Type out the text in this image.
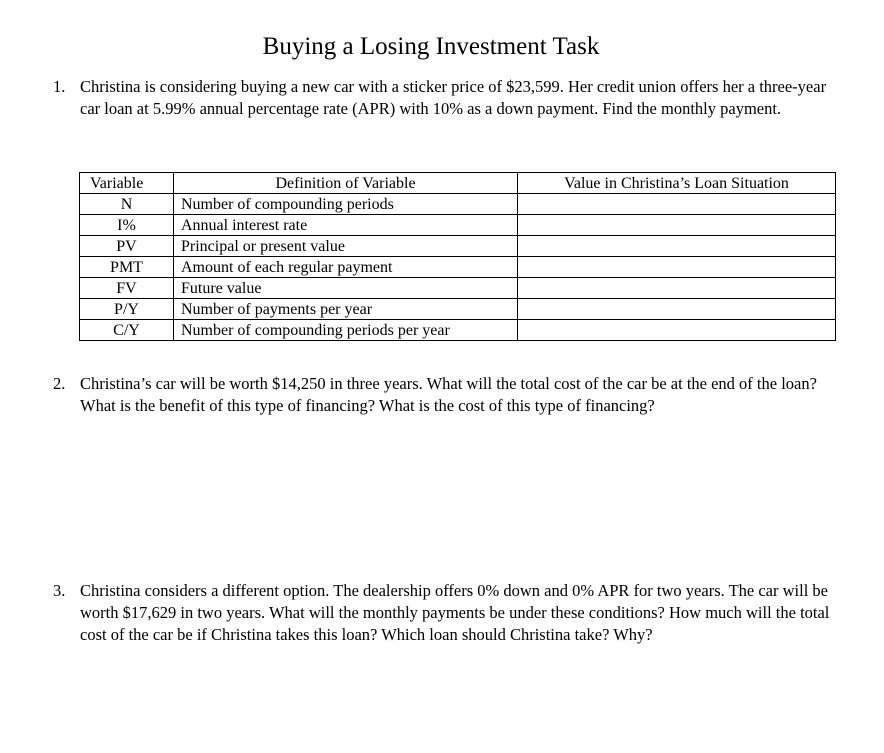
Buying a Losing Investment Task
1. Christina is considering buying a new car with a sticker price of $23,599. Her credit union offers her a three-year car loan at 5.99% annual percentage rate (APR) with 10% as a down payment. Find the monthly payment.
Variable	Definition of Variable	Value in Christina’s Loan Situation
N	Number of compounding periods	
I%	Annual interest rate	
PV	Principal or present value	
PMT	Amount of each regular payment	
FV	Future value	
P/Y	Number of payments per year	
C/Y	Number of compounding periods per year	
2. Christina’s car will be worth $14,250 in three years. What will the total cost of the car be at the end of the loan? What is the benefit of this type of financing? What is the cost of this type of financing?
3. Christina considers a different option. The dealership offers 0% down and 0% APR for two years. The car will be worth $17,629 in two years. What will the monthly payments be under these conditions? How much will the total cost of the car be if Christina takes this loan? Which loan should Christina take? Why?
